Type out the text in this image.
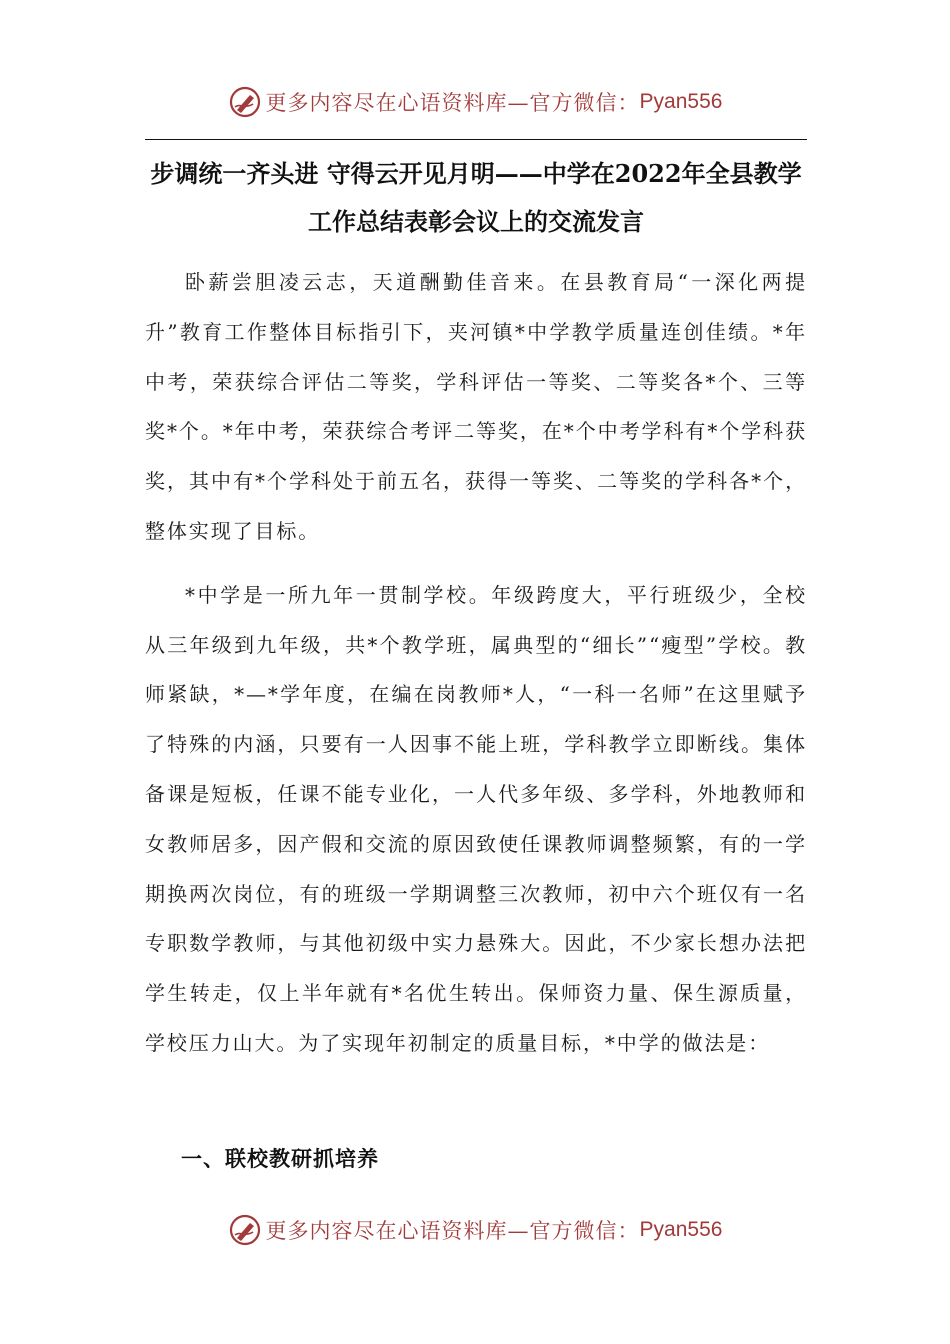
更多内容尽在心语资料库—官方微信： Pyan556
步调统一齐头进 守得云开见月明——中学在2022年全县教学工作总结表彰会议上的交流发言

卧薪尝胆凌云志，天道酬勤佳音来。在县教育局“一深化两提升”教育工作整体目标指引下，夹河镇*中学教学质量连创佳绩。*年中考，荣获综合评估二等奖，学科评估一等奖、二等奖各*个、三等奖*个。*年中考，荣获综合考评二等奖，在*个中考学科有*个学科获奖，其中有*个学科处于前五名，获得一等奖、二等奖的学科各*个，整体实现了目标。

*中学是一所九年一贯制学校。年级跨度大，平行班级少，全校从三年级到九年级，共*个教学班，属典型的“细长”“瘦型”学校。教师紧缺，*—*学年度，在编在岗教师*人，“一科一名师”在这里赋予了特殊的内涵，只要有一人因事不能上班，学科教学立即断线。集体备课是短板，任课不能专业化，一人代多年级、多学科，外地教师和女教师居多，因产假和交流的原因致使任课教师调整频繁，有的一学期换两次岗位，有的班级一学期调整三次教师，初中六个班仅有一名专职数学教师，与其他初级中实力悬殊大。因此，不少家长想办法把学生转走，仅上半年就有*名优生转出。保师资力量、保生源质量，学校压力山大。为了实现年初制定的质量目标，*中学的做法是：

一、联校教研抓培养
更多内容尽在心语资料库—官方微信： Pyan556
